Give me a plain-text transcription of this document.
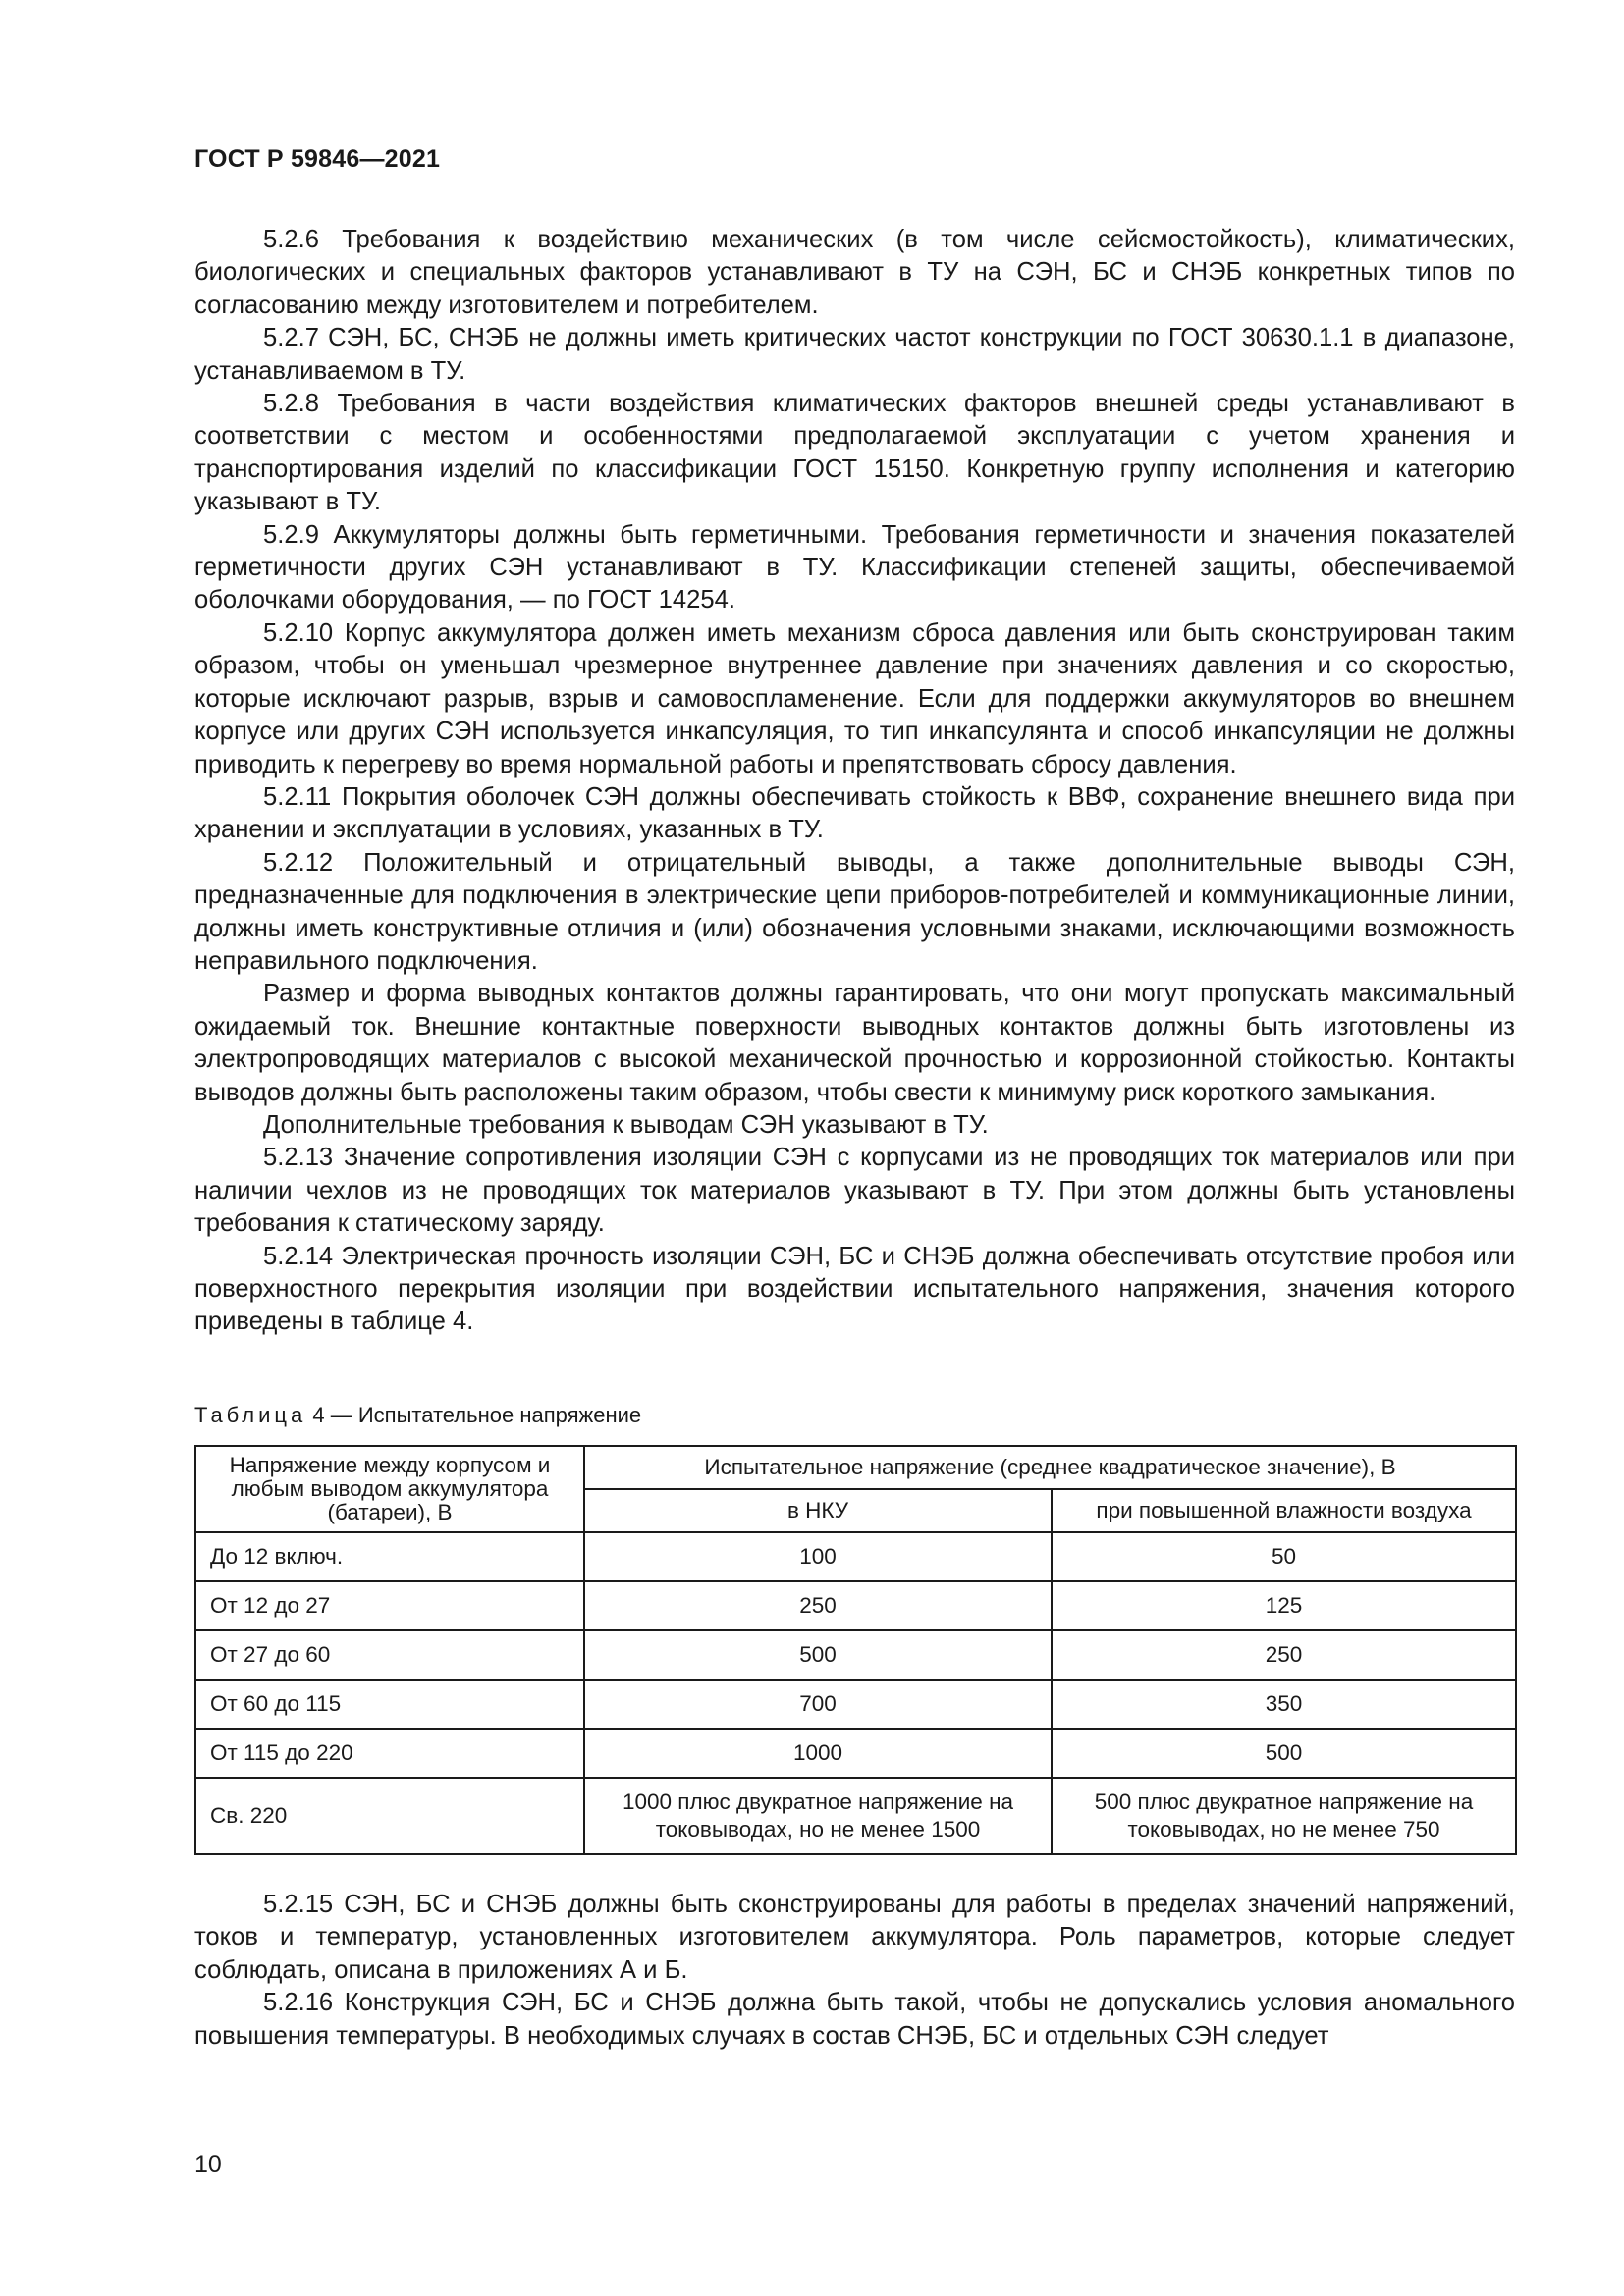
ГОСТ Р 59846—2021

5.2.6 Требования к воздействию механических (в том числе сейсмостойкость), климатических, биологических и специальных факторов устанавливают в ТУ на СЭН, БС и СНЭБ конкретных типов по согласованию между изготовителем и потребителем.

5.2.7 СЭН, БС, СНЭБ не должны иметь критических частот конструкции по ГОСТ 30630.1.1 в диапазоне, устанавливаемом в ТУ.

5.2.8 Требования в части воздействия климатических факторов внешней среды устанавливают в соответствии с местом и особенностями предполагаемой эксплуатации с учетом хранения и транспортирования изделий по классификации ГОСТ 15150. Конкретную группу исполнения и категорию указывают в ТУ.

5.2.9 Аккумуляторы должны быть герметичными. Требования герметичности и значения показателей герметичности других СЭН устанавливают в ТУ. Классификации степеней защиты, обеспечиваемой оболочками оборудования, — по ГОСТ 14254.

5.2.10 Корпус аккумулятора должен иметь механизм сброса давления или быть сконструирован таким образом, чтобы он уменьшал чрезмерное внутреннее давление при значениях давления и со скоростью, которые исключают разрыв, взрыв и самовоспламенение. Если для поддержки аккумуляторов во внешнем корпусе или других СЭН используется инкапсуляция, то тип инкапсулянта и способ инкапсуляции не должны приводить к перегреву во время нормальной работы и препятствовать сбросу давления.

5.2.11 Покрытия оболочек СЭН должны обеспечивать стойкость к ВВФ, сохранение внешнего вида при хранении и эксплуатации в условиях, указанных в ТУ.

5.2.12 Положительный и отрицательный выводы, а также дополнительные выводы СЭН, предназначенные для подключения в электрические цепи приборов-потребителей и коммуникационные линии, должны иметь конструктивные отличия и (или) обозначения условными знаками, исключающими возможность неправильного подключения.

Размер и форма выводных контактов должны гарантировать, что они могут пропускать максимальный ожидаемый ток. Внешние контактные поверхности выводных контактов должны быть изготовлены из электропроводящих материалов с высокой механической прочностью и коррозионной стойкостью. Контакты выводов должны быть расположены таким образом, чтобы свести к минимуму риск короткого замыкания.

Дополнительные требования к выводам СЭН указывают в ТУ.

5.2.13 Значение сопротивления изоляции СЭН с корпусами из не проводящих ток материалов или при наличии чехлов из не проводящих ток материалов указывают в ТУ. При этом должны быть установлены требования к статическому заряду.

5.2.14 Электрическая прочность изоляции СЭН, БС и СНЭБ должна обеспечивать отсутствие пробоя или поверхностного перекрытия изоляции при воздействии испытательного напряжения, значения которого приведены в таблице 4.

Таблица 4 — Испытательное напряжение
Напряжение между корпусом и любым выводом аккумулятора (батареи), В	Испытательное напряжение (среднее квадратическое значение), В	
	в НКУ	при повышенной влажности воздуха
До 12 включ.	100	50
От 12 до 27	250	125
От 27 до 60	500	250
От 60 до 115	700	350
От 115 до 220	1000	500
Св. 220	1000 плюс двукратное напряжение на токовыводах, но не менее 1500	500 плюс двукратное напряжение на токовыводах, но не менее 750

5.2.15 СЭН, БС и СНЭБ должны быть сконструированы для работы в пределах значений напряжений, токов и температур, установленных изготовителем аккумулятора. Роль параметров, которые следует соблюдать, описана в приложениях А и Б.

5.2.16 Конструкция СЭН, БС и СНЭБ должна быть такой, чтобы не допускались условия аномального повышения температуры. В необходимых случаях в состав СНЭБ, БС и отдельных СЭН следует

10
